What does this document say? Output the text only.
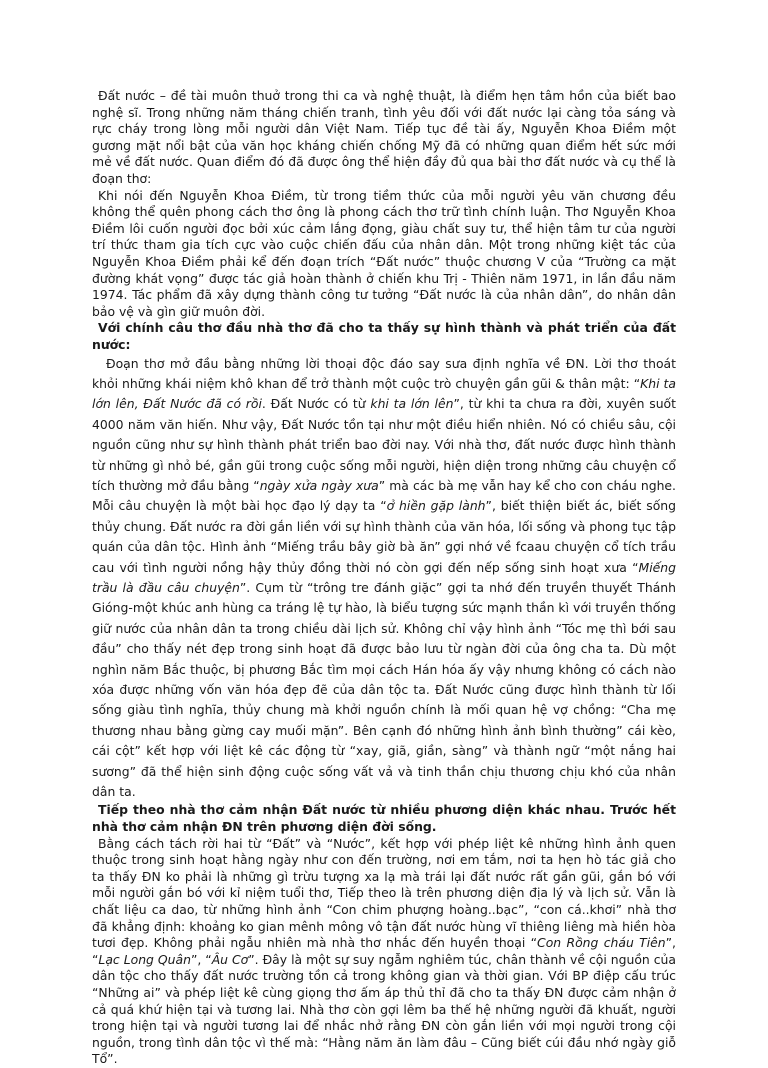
Đất nước – đề tài muôn thuở trong thi ca và nghệ thuật, là điểm hẹn tâm hồn của biết bao nghệ sĩ. Trong những năm tháng chiến tranh, tình yêu đối với đất nước lại càng tỏa sáng và rực cháy trong lòng mỗi người dân Việt Nam. Tiếp tục đề tài ấy, Nguyễn Khoa Điềm một gương mặt nổi bật của văn học kháng chiến chống Mỹ đã có những quan điểm hết sức mới mẻ về đất nước. Quan điểm đó đã được ông thể hiện đầy đủ qua bài thơ đất nước và cụ thể là đoạn thơ:

Khi nói đến Nguyễn Khoa Điềm, từ trong tiềm thức của mỗi người yêu văn chương đều không thể quên phong cách thơ ông là phong cách thơ trữ tình chính luận. Thơ Nguyễn Khoa Điềm lôi cuốn người đọc bởi xúc cảm lắng đọng, giàu chất suy tư, thể hiện tâm tư của người trí thức tham gia tích cực vào cuộc chiến đấu của nhân dân. Một trong những kiệt tác của Nguyễn Khoa Điềm phải kể đến đoạn trích “Đất nước” thuộc chương V của “Trường ca mặt đường khát vọng” được tác giả hoàn thành ở chiến khu Trị - Thiên năm 1971, in lần đầu năm 1974. Tác phẩm đã xây dựng thành công tư tưởng “Đất nước là của nhân dân”, do nhân dân bảo vệ và gìn giữ muôn đời.

Với chính câu thơ đầu nhà thơ đã cho ta thấy sự hình thành và phát triển của đất nước:

Đoạn thơ mở đầu bằng những lời thoại độc đáo say sưa định nghĩa về ĐN. Lời thơ thoát khỏi những khái niệm khô khan để trở thành một cuộc trò chuyện gần gũi & thân mật: “Khi ta lớn lên, Đất Nước đã có rồi. Đất Nước có từ khi ta lớn lên”, từ khi ta chưa ra đời, xuyên suốt 4000 năm văn hiến. Như vậy, Đất Nước tồn tại như một điều hiển nhiên. Nó có chiều sâu, cội nguồn cũng như sự hình thành phát triển bao đời nay. Với nhà thơ, đất nước được hình thành từ những gì nhỏ bé, gần gũi trong cuộc sống mỗi người, hiện diện trong những câu chuyện cổ tích thường mở đầu bằng “ngày xửa ngày xưa” mà các bà mẹ vẫn hay kể cho con cháu nghe. Mỗi câu chuyện là một bài học đạo lý dạy ta “ở hiền gặp lành”, biết thiện biết ác, biết sống thủy chung. Đất nước ra đời gắn liền với sự hình thành của văn hóa, lối sống và phong tục tập quán của dân tộc. Hình ảnh “Miếng trầu bây giờ bà ăn” gợi nhớ về fcaau chuyện cổ tích trầu cau với tình người nồng hậy thủy đồng thời nó còn gợi đến nếp sống sinh hoạt xưa “Miếng trầu là đầu câu chuyện”. Cụm từ “trông tre đánh giặc” gợi ta nhớ đến truyền thuyết Thánh Gióng-một khúc anh hùng ca tráng lệ tự hào, là biểu tượng sức mạnh thần kì với truyền thống giữ nước của nhân dân ta trong chiều dài lịch sử. Không chỉ vậy hình ảnh “Tóc mẹ thì bới sau đầu” cho thấy nét đẹp trong sinh hoạt đã được bảo lưu từ ngàn đời của ông cha ta. Dù một nghìn năm Bắc thuộc, bị phương Bắc tìm mọi cách Hán hóa ấy vậy nhưng không có cách nào xóa được những vốn văn hóa đẹp đẽ của dân tộc ta. Đất Nước cũng được hình thành từ lối sống giàu tình nghĩa, thủy chung mà khởi nguồn chính là mối quan hệ vợ chồng: “Cha mẹ thương nhau bằng gừng cay muối mặn”. Bên cạnh đó những hình ảnh bình thường” cái kèo, cái cột” kết hợp với liệt kê các động từ “xay, giã, giần, sàng” và thành ngữ “một nắng hai sương” đã thể hiện sinh động cuộc sống vất vả và tinh thần chịu thương chịu khó của nhân dân ta.

Tiếp theo nhà thơ cảm nhận Đất nước từ nhiều phương diện khác nhau. Trước hết nhà thơ cảm nhận ĐN trên phương diện đời sống.

Bằng cách tách rời hai từ “Đất” và “Nước”, kết hợp với phép liệt kê những hình ảnh quen thuộc trong sinh hoạt hằng ngày như con đến trường, nơi em tắm, nơi ta hẹn hò tác giả cho ta thấy ĐN ko phải là những gì trừu tượng xa lạ mà trái lại đất nước rất gần gũi, gắn bó với mỗi người gắn bó với kỉ niệm tuổi thơ, Tiếp theo là trên phương diện địa lý và lịch sử. Vẫn là chất liệu ca dao, từ những hình ảnh “Con chim phượng hoàng..bạc”, “con cá..khơi” nhà thơ đã khẳng định: khoảng ko gian mênh mông vô tận đất nước hùng vĩ thiêng liêng mà hiền hòa tươi đẹp. Không phải ngẫu nhiên mà nhà thơ nhắc đến huyền thoại “Con Rồng cháu Tiên”, “Lạc Long Quân”, “Âu Cơ”. Đây là một sự suy ngẫm nghiêm túc, chân thành về cội nguồn của dân tộc cho thấy đất nước trường tồn cả trong không gian và thời gian. Với BP điệp cấu trúc “Những ai” và phép liệt kê cùng giọng thơ ấm áp thủ thỉ đã cho ta thấy ĐN được cảm nhận ở cả quá khứ hiện tại và tương lai. Nhà thơ còn gợi lêm ba thế hệ những người đã khuất, người trong hiện tại và người tương lai để nhắc nhở rằng ĐN còn gắn liền với mọi người trong cội nguồn, trong tình dân tộc vì thế mà: “Hằng năm ăn làm đâu – Cũng biết cúi đầu nhớ ngày giỗ Tổ”.
